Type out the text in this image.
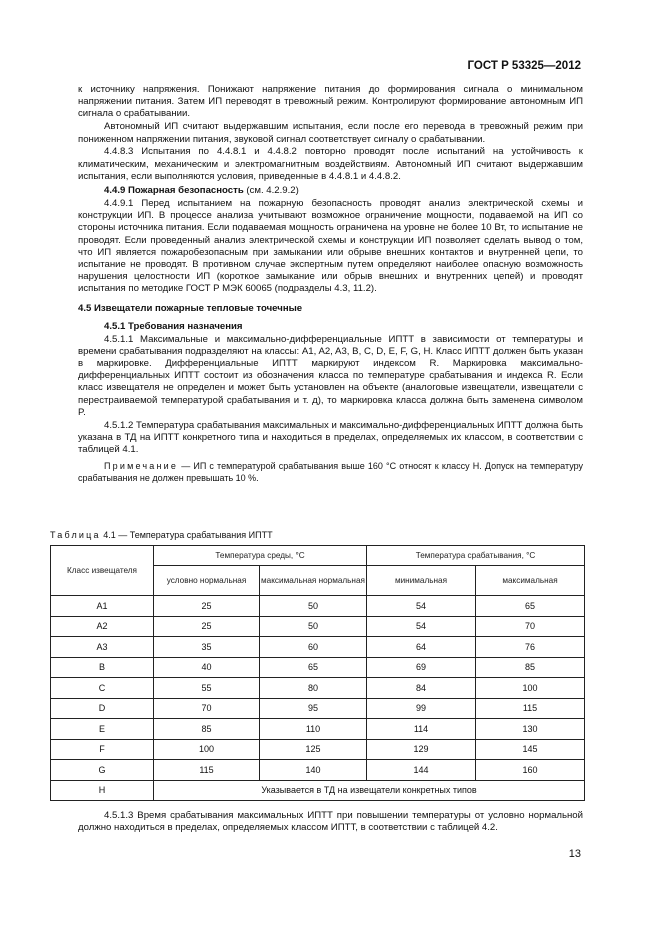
ГОСТ Р 53325—2012

к источнику напряжения. Понижают напряжение питания до формирования сигнала о минимальном напряжении питания. Затем ИП переводят в тревожный режим. Контролируют формирование автономным ИП сигнала о срабатывании.

Автономный ИП считают выдержавшим испытания, если после его перевода в тревожный режим при пониженном напряжении питания, звуковой сигнал соответствует сигналу о срабатывании.

4.4.8.3 Испытания по 4.4.8.1 и 4.4.8.2 повторно проводят после испытаний на устойчивость к климатическим, механическим и электромагнитным воздействиям. Автономный ИП считают выдержавшим испытания, если выполняются условия, приведенные в 4.4.8.1 и 4.4.8.2.

4.4.9 Пожарная безопасность (см. 4.2.9.2)

4.4.9.1 Перед испытанием на пожарную безопасность проводят анализ электрической схемы и конструкции ИП. В процессе анализа учитывают возможное ограничение мощности, подаваемой на ИП со стороны источника питания. Если подаваемая мощность ограничена на уровне не более 10 Вт, то испытание не проводят. Если проведенный анализ электрической схемы и конструкции ИП позволяет сделать вывод о том, что ИП является пожаробезопасным при замыкании или обрыве внешних контактов и внутренней цепи, то испытание не проводят. В противном случае экспертным путем определяют наиболее опасную возможность нарушения целостности ИП (короткое замыкание или обрыв внешних и внутренних цепей) и проводят испытания по методике ГОСТ Р МЭК 60065 (подразделы 4.3, 11.2).

4.5 Извещатели пожарные тепловые точечные

4.5.1 Требования назначения

4.5.1.1 Максимальные и максимально-дифференциальные ИПТТ в зависимости от температуры и времени срабатывания подразделяют на классы: A1, A2, A3, B, C, D, E, F, G, H. Класс ИПТТ должен быть указан в маркировке. Дифференциальные ИПТТ маркируют индексом R. Маркировка максимально-дифференциальных ИПТТ состоит из обозначения класса по температуре срабатывания и индекса R. Если класс извещателя не определен и может быть установлен на объекте (аналоговые извещатели, извещатели с перестраиваемой температурой срабатывания и т. д), то маркировка класса должна быть заменена символом P.

4.5.1.2 Температура срабатывания максимальных и максимально-дифференциальных ИПТТ должна быть указана в ТД на ИПТТ конкретного типа и находиться в пределах, определяемых их классом, в соответствии с таблицей 4.1.

Примечание — ИП с температурой срабатывания выше 160 °С относят к классу H. Допуск на температуру срабатывания не должен превышать 10 %.

Таблица 4.1 — Температура срабатывания ИПТТ
Класс извещателя	Температура среды, °С		Температура срабатывания, °С	
	условно нормальная	максимальная нормальная	минимальная	максимальная
A1	25	50	54	65
A2	25	50	54	70
A3	35	60	64	76
B	40	65	69	85
C	55	80	84	100
D	70	95	99	115
E	85	110	114	130
F	100	125	129	145
G	115	140	144	160
H	Указывается в ТД на извещатели конкретных типов			

4.5.1.3 Время срабатывания максимальных ИПТТ при повышении температуры от условно нормальной должно находиться в пределах, определяемых классом ИПТТ, в соответствии с таблицей 4.2.

13
